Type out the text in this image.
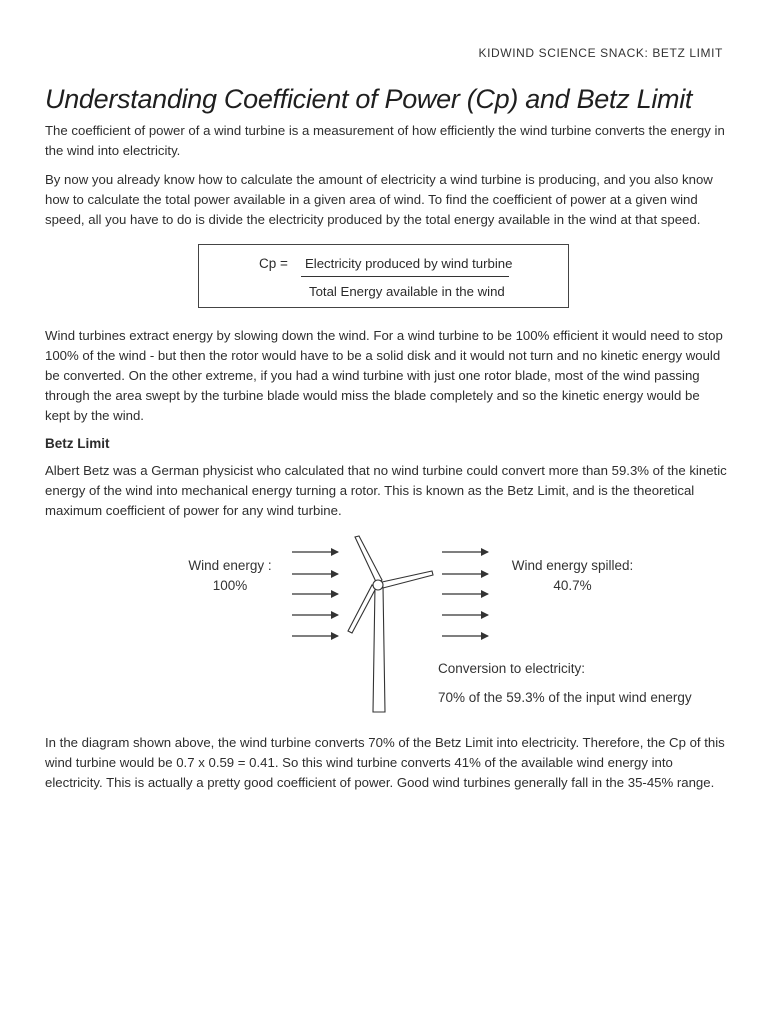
KIDWIND SCIENCE SNACK: BETZ LIMIT
Understanding Coefficient of Power (Cp) and Betz Limit

The coefficient of power of a wind turbine is a measurement of how efficiently the wind turbine converts the energy in the wind into electricity.

By now you already know how to calculate the amount of electricity a wind turbine is producing, and you also know how to calculate the total power available in a given area of wind. To find the coefficient of power at a given wind speed, all you have to do is divide the electricity produced by the total energy available in the wind at that speed.

Cp = Electricity produced by wind turbine
Total Energy available in the wind

Wind turbines extract energy by slowing down the wind. For a wind turbine to be 100% efficient it would need to stop 100% of the wind - but then the rotor would have to be a solid disk and it would not turn and no kinetic energy would be converted. On the other extreme, if you had a wind turbine with just one rotor blade, most of the wind passing through the area swept by the turbine blade would miss the blade completely and so the kinetic energy would be kept by the wind.

Betz Limit

Albert Betz was a German physicist who calculated that no wind turbine could convert more than 59.3% of the kinetic energy of the wind into mechanical energy turning a rotor. This is known as the Betz Limit, and is the theoretical maximum coefficient of power for any wind turbine.

Wind energy :
100%
Wind energy spilled:
40.7%
Conversion to electricity:
70% of the 59.3% of the input wind energy

In the diagram shown above, the wind turbine converts 70% of the Betz Limit into electricity. Therefore, the Cp of this wind turbine would be 0.7 x 0.59 = 0.41. So this wind turbine converts 41% of the available wind energy into electricity. This is actually a pretty good coefficient of power. Good wind turbines generally fall in the 35-45% range.
